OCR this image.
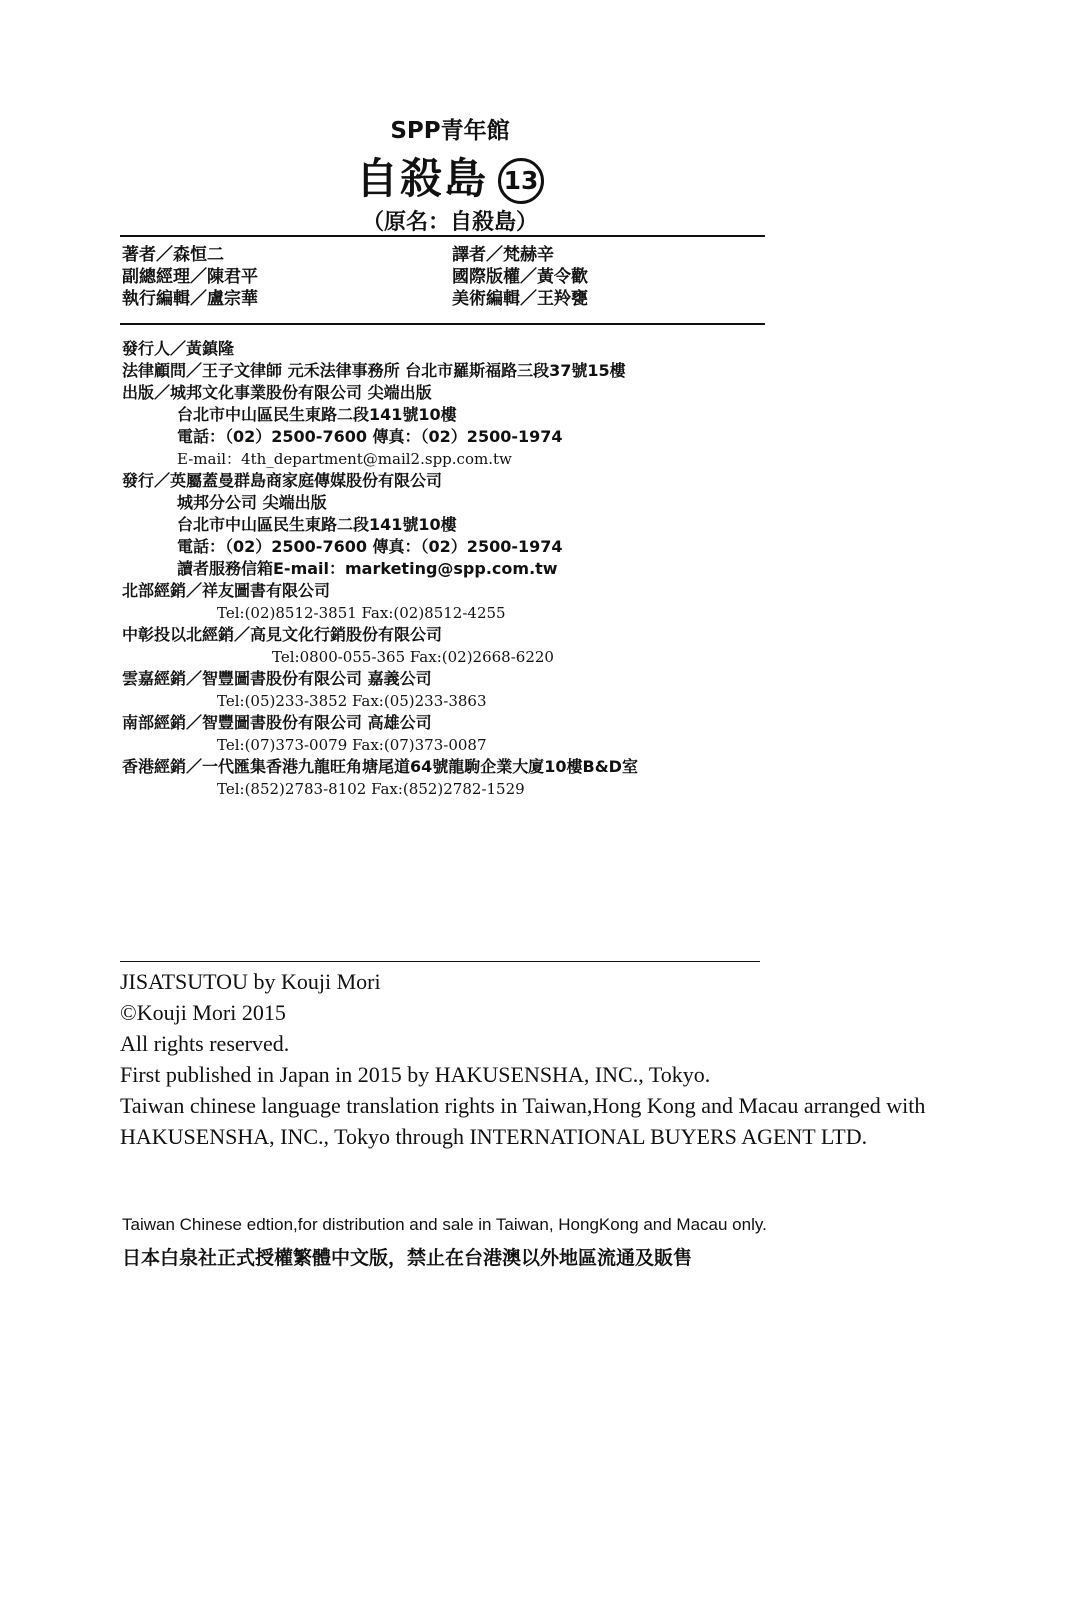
SPP青年館
自殺島 13
（原名：自殺島）
著者／森恒二
副總經理／陳君平
執行編輯／盧宗華
譯者／梵赫辛
國際版權／黃令歡
美術編輯／王羚甕
發行人／黃鎮隆
法律顧問／王子文律師 元禾法律事務所 台北市羅斯福路三段37號15樓
出版／城邦文化事業股份有限公司 尖端出版
台北市中山區民生東路二段141號10樓
電話：（02）2500-7600 傳真：（02）2500-1974
E-mail：4th_department@mail2.spp.com.tw
發行／英屬蓋曼群島商家庭傳媒股份有限公司
城邦分公司 尖端出版
台北市中山區民生東路二段141號10樓
電話：（02）2500-7600 傳真：（02）2500-1974
讀者服務信箱E-mail：marketing@spp.com.tw
北部經銷／祥友圖書有限公司
Tel:(02)8512-3851 Fax:(02)8512-4255
中彰投以北經銷／高見文化行銷股份有限公司
Tel:0800-055-365 Fax:(02)2668-6220
雲嘉經銷／智豐圖書股份有限公司 嘉義公司
Tel:(05)233-3852 Fax:(05)233-3863
南部經銷／智豐圖書股份有限公司 高雄公司
Tel:(07)373-0079 Fax:(07)373-0087
香港經銷／一代匯集香港九龍旺角塘尾道64號龍駒企業大廈10樓B&D室
Tel:(852)2783-8102 Fax:(852)2782-1529
JISATSUTOU by Kouji Mori
©Kouji Mori 2015
All rights reserved.
First published in Japan in 2015 by HAKUSENSHA, INC., Tokyo.
Taiwan chinese language translation rights in Taiwan,Hong Kong and Macau arranged with
HAKUSENSHA, INC., Tokyo through INTERNATIONAL BUYERS AGENT LTD.
Taiwan Chinese edtion,for distribution and sale in Taiwan, HongKong and Macau only.
日本白泉社正式授權繁體中文版，禁止在台港澳以外地區流通及販售
